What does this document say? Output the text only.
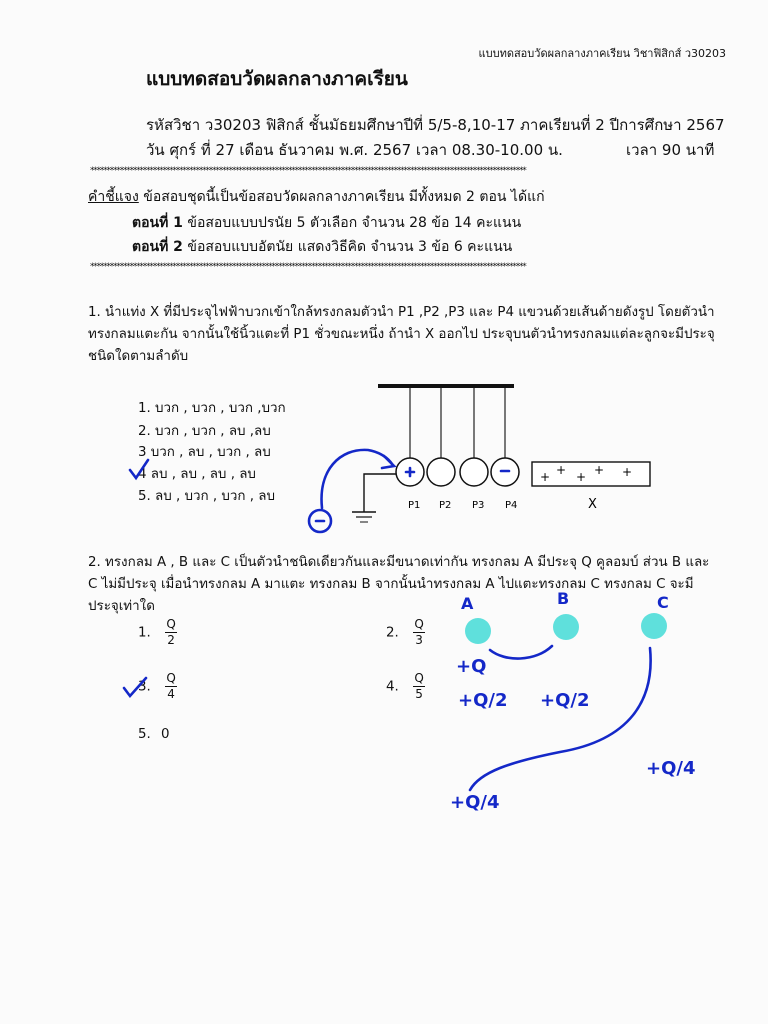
แบบทดสอบวัดผลกลางภาคเรียน วิชาฟิสิกส์ ว30203
แบบทดสอบวัดผลกลางภาคเรียน
รหัสวิชา ว30203 ฟิสิกส์ ชั้นมัธยมศึกษาปีที่ 5/5-8,10-17 ภาคเรียนที่ 2 ปีการศึกษา 2567
วัน ศุกร์ ที่ 27 เดือน ธันวาคม พ.ศ. 2567 เวลา 08.30-10.00 น.	เวลา 90 นาที
************************************************************************************************************************************
คำชี้แจง ข้อสอบชุดนี้เป็นข้อสอบวัดผลกลางภาคเรียน มีทั้งหมด 2 ตอน ได้แก่
ตอนที่ 1 ข้อสอบแบบปรนัย 5 ตัวเลือก จำนวน 28 ข้อ 14 คะแนน
ตอนที่ 2 ข้อสอบแบบอัตนัย แสดงวิธีคิด จำนวน 3 ข้อ 6 คะแนน
************************************************************************************************************************************
1. นำแท่ง X ที่มีประจุไฟฟ้าบวกเข้าใกล้ทรงกลมตัวนำ P1 ,P2 ,P3 และ P4 แขวนด้วยเส้นด้ายดังรูป โดยตัวนำทรงกลมแตะกัน จากนั้นใช้นิ้วแตะที่ P1 ชั่วขณะหนึ่ง ถ้านำ X ออกไป ประจุบนตัวนำทรงกลมแต่ละลูกจะมีประจุชนิดใดตามลำดับ
1. บวก , บวก , บวก ,บวก
2. บวก , บวก , ลบ ,ลบ
3 บวก , ลบ , บวก , ลบ
4 ลบ , ลบ , ลบ , ลบ
5. ลบ , บวก , บวก , ลบ
2. ทรงกลม A , B และ C เป็นตัวนำชนิดเดียวกันและมีขนาดเท่ากัน ทรงกลม A มีประจุ Q คูลอมบ์ ส่วน B และ C ไม่มีประจุ เมื่อนำทรงกลม A มาแตะ ทรงกลม B จากนั้นนำทรงกลม A ไปแตะทรงกลม C ทรงกลม C จะมีประจุเท่าใด
1. $\frac{Q}{2}$	2. $\frac{Q}{3}$
3. $\frac{Q}{4}$	4. $\frac{Q}{5}$
5. 0
+ + + + +
P1 P2 P3 P4	X
A	B	C
+Q
+Q/2 +Q/2
+Q/4
+Q/4
